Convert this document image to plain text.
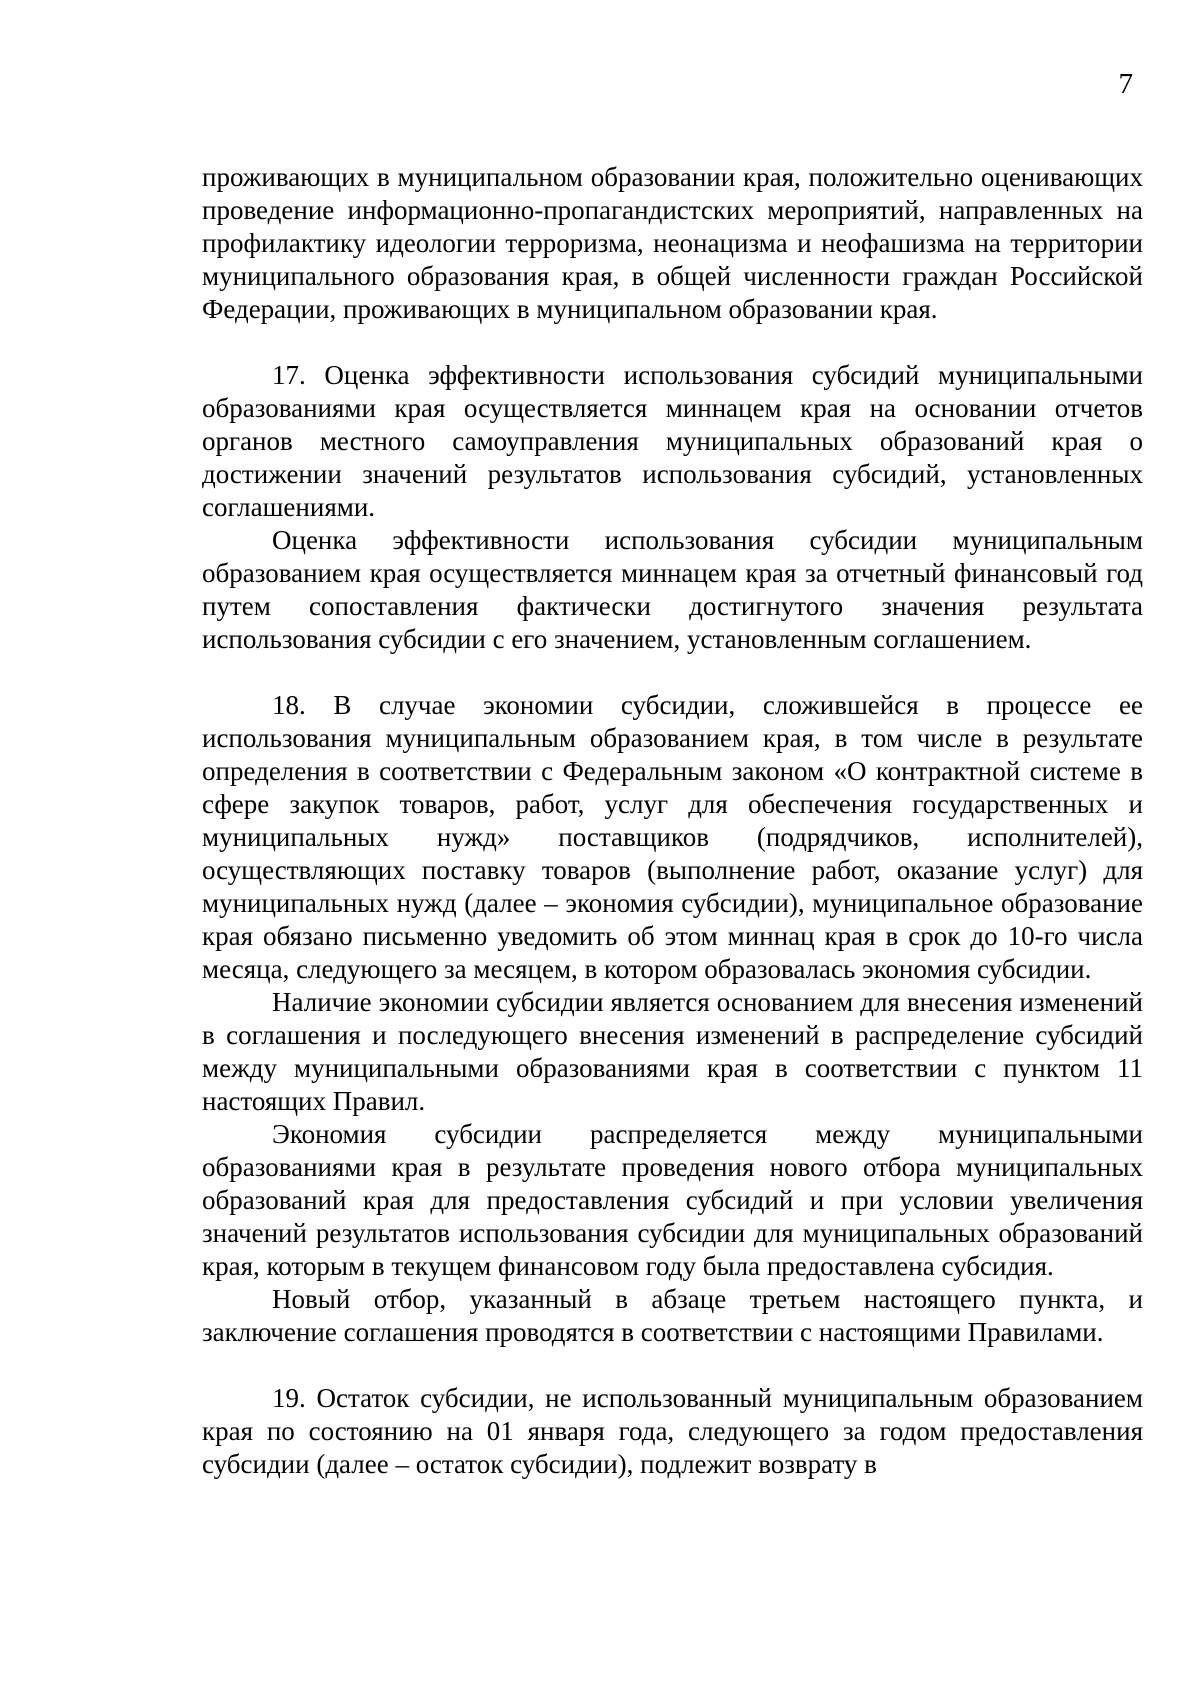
7

проживающих в муниципальном образовании края, положительно оценивающих проведение информационно-пропагандистских мероприятий, направленных на профилактику идеологии терроризма, неонацизма и неофашизма на территории муниципального образования края, в общей численности граждан Российской Федерации, проживающих в муниципальном образовании края.

17. Оценка эффективности использования субсидий муниципальными образованиями края осуществляется миннацем края на основании отчетов органов местного самоуправления муниципальных образований края о достижении значений результатов использования субсидий, установленных соглашениями.

Оценка эффективности использования субсидии муниципальным образованием края осуществляется миннацем края за отчетный финансовый год путем сопоставления фактически достигнутого значения результата использования субсидии с его значением, установленным соглашением.

18. В случае экономии субсидии, сложившейся в процессе ее использования муниципальным образованием края, в том числе в результате определения в соответствии с Федеральным законом «О контрактной системе в сфере закупок товаров, работ, услуг для обеспечения государственных и муниципальных нужд» поставщиков (подрядчиков, исполнителей), осуществляющих поставку товаров (выполнение работ, оказание услуг) для муниципальных нужд (далее – экономия субсидии), муниципальное образование края обязано письменно уведомить об этом миннац края в срок до 10-го числа месяца, следующего за месяцем, в котором образовалась экономия субсидии.

Наличие экономии субсидии является основанием для внесения изменений в соглашения и последующего внесения изменений в распределение субсидий между муниципальными образованиями края в соответствии с пунктом 11 настоящих Правил.

Экономия субсидии распределяется между муниципальными образованиями края в результате проведения нового отбора муниципальных образований края для предоставления субсидий и при условии увеличения значений результатов использования субсидии для муниципальных образований края, которым в текущем финансовом году была предоставлена субсидия.

Новый отбор, указанный в абзаце третьем настоящего пункта, и заключение соглашения проводятся в соответствии с настоящими Правилами.

19. Остаток субсидии, не использованный муниципальным образованием края по состоянию на 01 января года, следующего за годом предоставления субсидии (далее – остаток субсидии), подлежит возврату в
